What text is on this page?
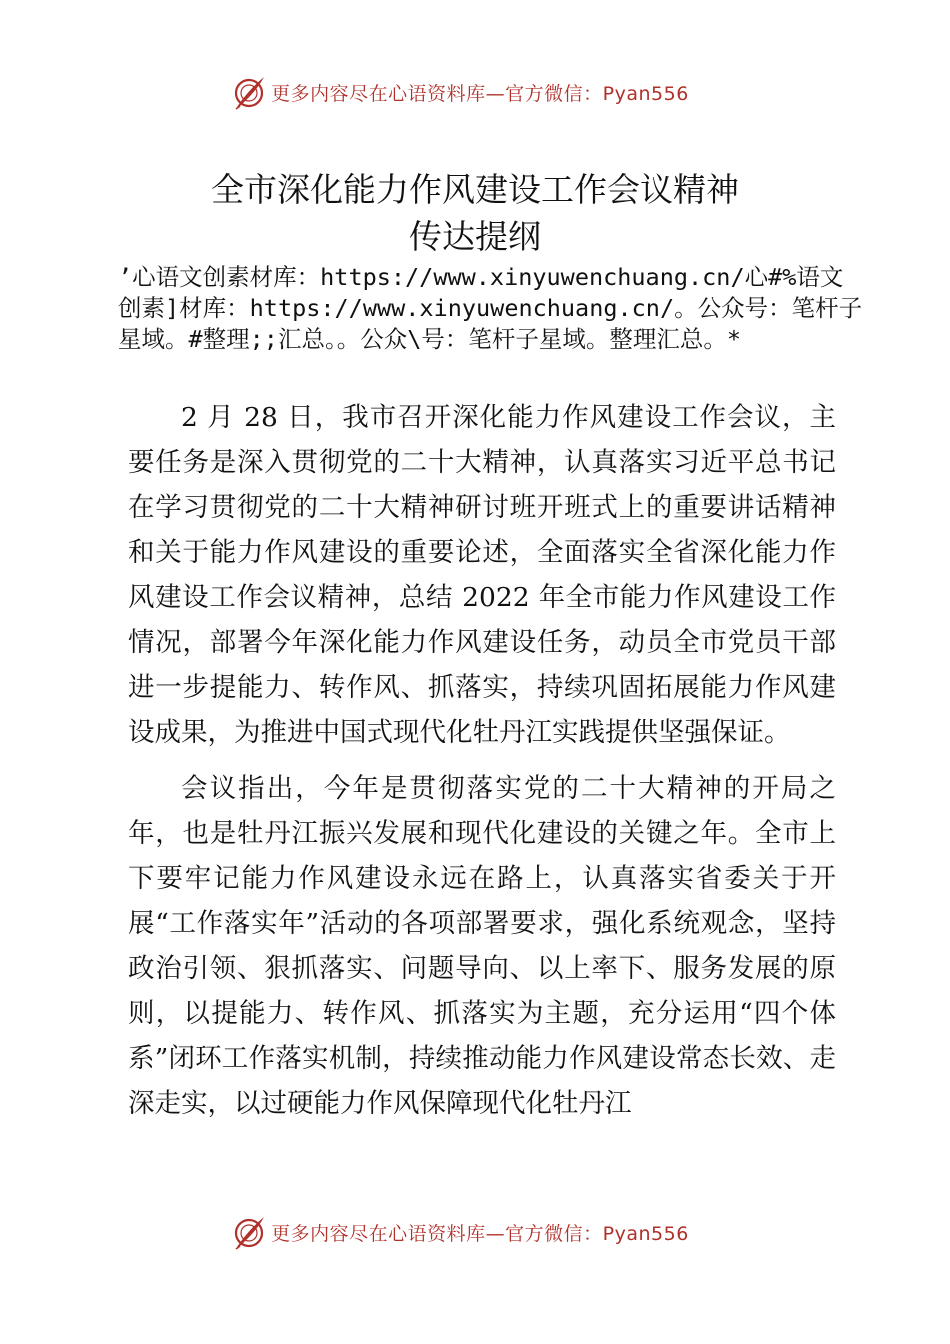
更多内容尽在心语资料库—官方微信：Pyan556
全市深化能力作风建设工作会议精神
传达提纲

’心语文创素材库：https://www.xinyuwenchuang.cn/心#%语文创素]材库：https://www.xinyuwenchuang.cn/。公众号：笔杆子星域。#整理;;汇总。。公众\号：笔杆子星域。整理汇总。*

2 月 28 日，我市召开深化能力作风建设工作会议，主要任务是深入贯彻党的二十大精神，认真落实习近平总书记在学习贯彻党的二十大精神研讨班开班式上的重要讲话精神和关于能力作风建设的重要论述，全面落实全省深化能力作风建设工作会议精神，总结 2022 年全市能力作风建设工作情况，部署今年深化能力作风建设任务，动员全市党员干部进一步提能力、转作风、抓落实，持续巩固拓展能力作风建设成果，为推进中国式现代化牡丹江实践提供坚强保证。

会议指出，今年是贯彻落实党的二十大精神的开局之年，也是牡丹江振兴发展和现代化建设的关键之年。全市上下要牢记能力作风建设永远在路上，认真落实省委关于开展“工作落实年”活动的各项部署要求，强化系统观念，坚持政治引领、狠抓落实、问题导向、以上率下、服务发展的原则，以提能力、转作风、抓落实为主题，充分运用“四个体系”闭环工作落实机制，持续推动能力作风建设常态长效、走深走实，以过硬能力作风保障现代化牡丹江

更多内容尽在心语资料库—官方微信：Pyan556
